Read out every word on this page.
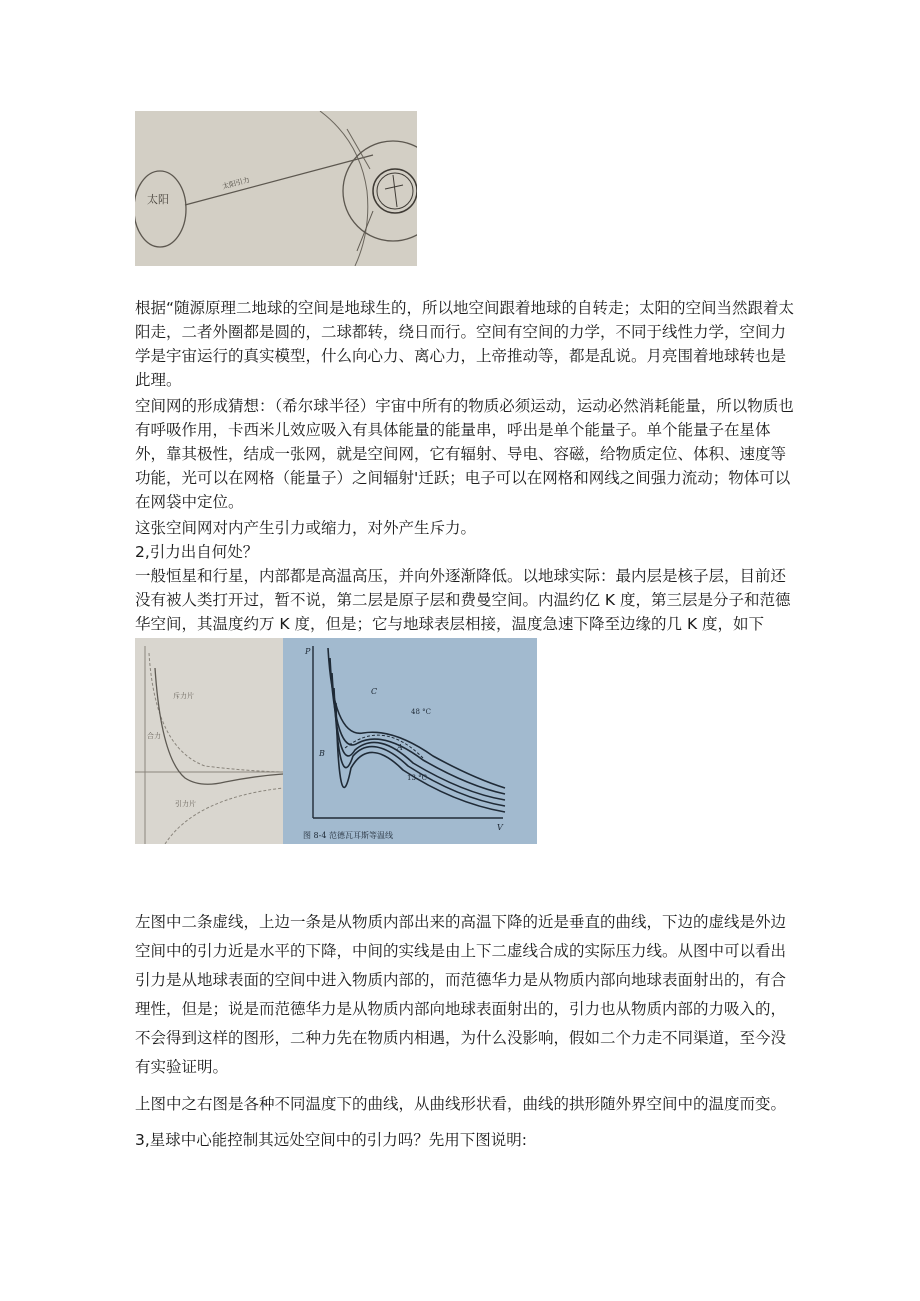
太阳
太阳引力

根据“随源原理二地球的空间是地球生的，所以地空间跟着地球的自转走；太阳的空间当然跟着太阳走，二者外圈都是圆的，二球都转，绕日而行。空间有空间的力学，不同于线性力学，空间力学是宇宙运行的真实模型，什么向心力、离心力，上帝推动等，都是乱说。月亮围着地球转也是此理。

空间网的形成猜想：（希尔球半径）宇宙中所有的物质必须运动，运动必然消耗能量，所以物质也有呼吸作用，卡西米儿效应吸入有具体能量的能量串，呼出是单个能量子。单个能量子在星体外，靠其极性，结成一张网，就是空间网，它有辐射、导电、容磁，给物质定位、体积、速度等功能，光可以在网格（能量子）之间辐射'迁跃；电子可以在网格和网线之间强力流动；物体可以在网袋中定位。

这张空间网对内产生引力或缩力，对外产生斥力。

2,引力出自何处？

一般恒星和行星，内部都是高温高压，并向外逐渐降低。以地球实际：最内层是核子层，目前还没有被人类打开过，暂不说，第二层是原子层和费曼空间。内温约亿 K 度，第三层是分子和范德华空间，其温度约万 K 度，但是；它与地球表层相接，温度急速下降至边缘的几 K 度，如下

斥力片
合力
引力片
P
V
C
48 °C
B
A
13 °C
图 8-4 范德瓦耳斯等温线

左图中二条虚线，上边一条是从物质内部出来的高温下降的近是垂直的曲线，下边的虚线是外边空间中的引力近是水平的下降，中间的实线是由上下二虚线合成的实际压力线。从图中可以看出引力是从地球表面的空间中进入物质内部的，而范德华力是从物质内部向地球表面射出的，有合理性，但是；说是而范德华力是从物质内部向地球表面射出的，引力也从物质内部的力吸入的，不会得到这样的图形，二种力先在物质内相遇，为什么没影响，假如二个力走不同渠道，至今没有实验证明。

上图中之右图是各种不同温度下的曲线，从曲线形状看，曲线的拱形随外界空间中的温度而变。

3,星球中心能控制其远处空间中的引力吗？先用下图说明:
